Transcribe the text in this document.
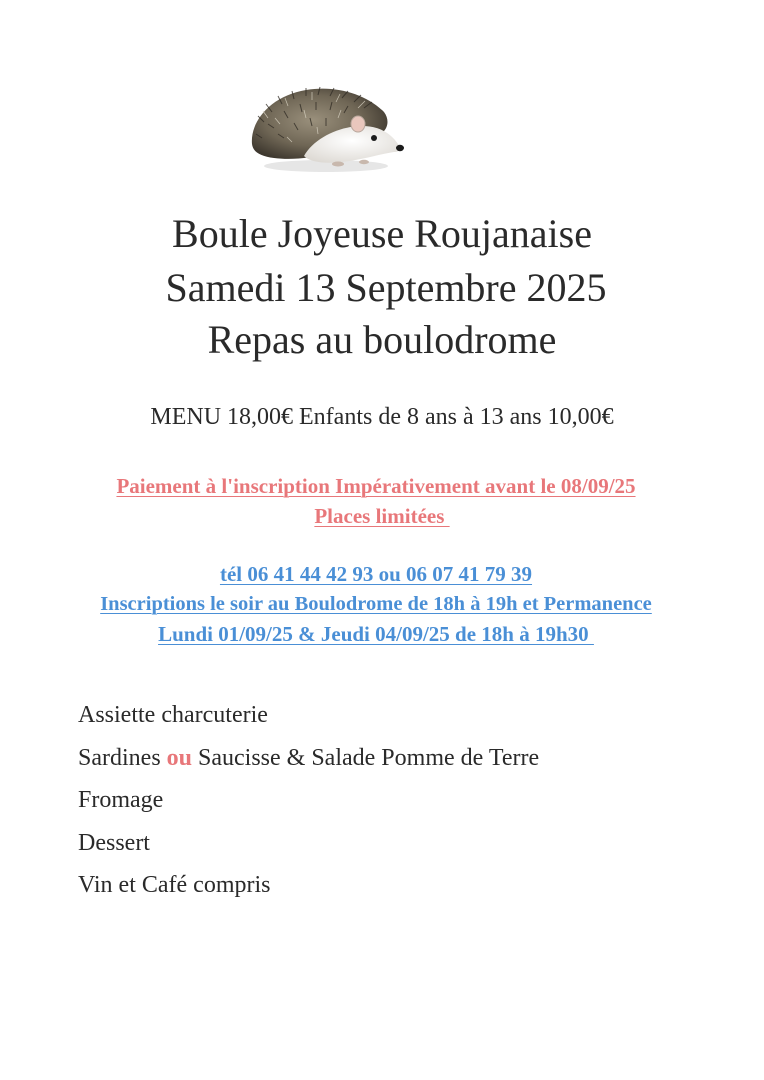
Boule Joyeuse Roujanaise
Samedi 13 Septembre 2025
Repas au boulodrome
MENU 18,00€ Enfants de 8 ans à 13 ans 10,00€
Paiement à l'inscription Impérativement avant le 08/09/25
Places limitées
tél 06 41 44 42 93 ou 06 07 41 79 39
Inscriptions le soir au Boulodrome de 18h à 19h et Permanence
Lundi 01/09/25 & Jeudi 04/09/25 de 18h à 19h30
Assiette charcuterie
Sardines ou Saucisse & Salade Pomme de Terre
Fromage
Dessert
Vin et Café compris
